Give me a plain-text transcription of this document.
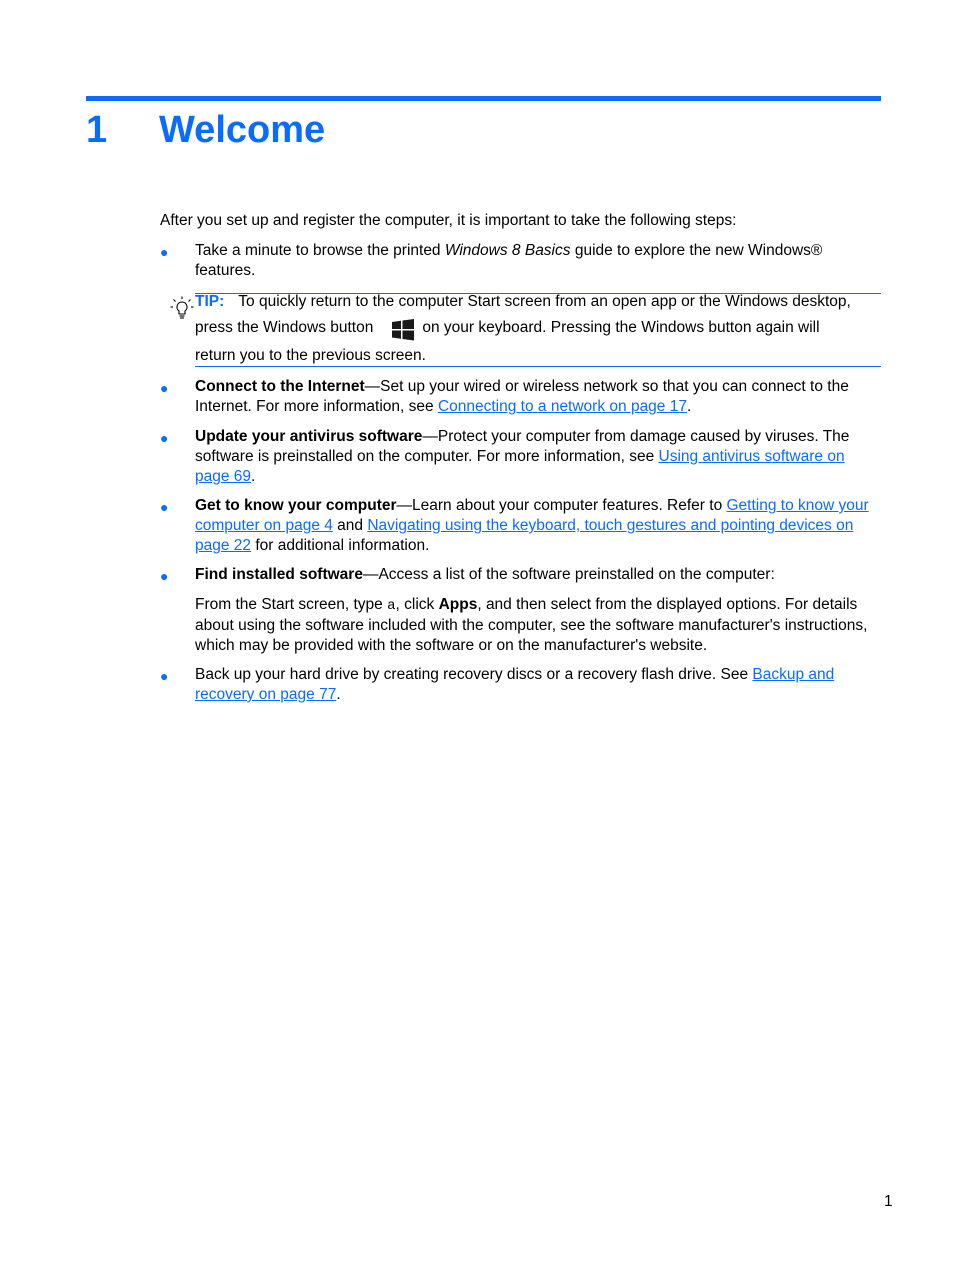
1 Welcome

After you set up and register the computer, it is important to take the following steps:

● Take a minute to browse the printed Windows 8 Basics guide to explore the new Windows® features.

TIP: To quickly return to the computer Start screen from an open app or the Windows desktop,
press the Windows button	on your keyboard. Pressing the Windows button again will
return you to the previous screen.
● Connect to the Internet—Set up your wired or wireless network so that you can connect to the Internet. For more information, see Connecting to a network on page 17.

● Update your antivirus software—Protect your computer from damage caused by viruses. The software is preinstalled on the computer. For more information, see Using antivirus software on page 69.

● Get to know your computer—Learn about your computer features. Refer to Getting to know your computer on page 4 and Navigating using the keyboard, touch gestures and pointing devices on page 22 for additional information.

● Find installed software—Access a list of the software preinstalled on the computer:

From the Start screen, type a, click Apps, and then select from the displayed options. For details about using the software included with the computer, see the software manufacturer's instructions, which may be provided with the software or on the manufacturer's website.

● Back up your hard drive by creating recovery discs or a recovery flash drive. See Backup and recovery on page 77.

1
